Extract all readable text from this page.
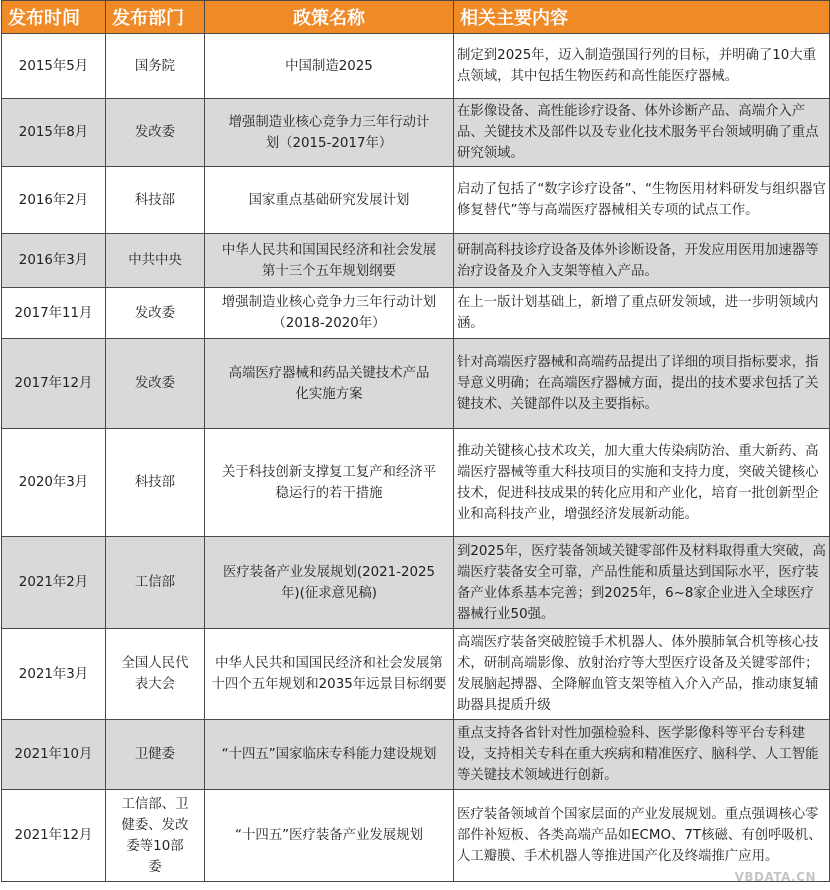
发布时间	发布部门	政策名称	相关主要内容
2015年5月	国务院	中国制造2025	制定到2025年，迈入制造强国行列的目标，并明确了10大重点领域，其中包括生物医药和高性能医疗器械。
2015年8月	发改委	增强制造业核心竞争力三年行动计划（2015-2017年）	在影像设备、高性能诊疗设备、体外诊断产品、高端介入产品、关键技术及部件以及专业化技术服务平台领域明确了重点研究领域。
2016年2月	科技部	国家重点基础研究发展计划	启动了包括了“数字诊疗设备”、“生物医用材料研发与组织器官修复替代”等与高端医疗器械相关专项的试点工作。
2016年3月	中共中央	中华人民共和国国民经济和社会发展第十三个五年规划纲要	研制高科技诊疗设备及体外诊断设备，开发应用医用加速器等治疗设备及介入支架等植入产品。
2017年11月	发改委	增强制造业核心竞争力三年行动计划（2018-2020年）	在上一版计划基础上，新增了重点研发领域，进一步明领域内涵。
2017年12月	发改委	高端医疗器械和药品关键技术产品化实施方案	针对高端医疗器械和高端药品提出了详细的项目指标要求，指导意义明确；在高端医疗器械方面，提出的技术要求包括了关键技术、关键部件以及主要指标。
2020年3月	科技部	关于科技创新支撑复工复产和经济平稳运行的若干措施	推动关键核心技术攻关，加大重大传染病防治、重大新药、高端医疗器械等重大科技项目的实施和支持力度，突破关键核心技术，促进科技成果的转化应用和产业化，培育一批创新型企业和高科技产业，增强经济发展新动能。
2021年2月	工信部	医疗装备产业发展规划(2021-2025年)(征求意见稿)	到2025年，医疗装备领域关键零部件及材料取得重大突破，高端医疗装备安全可靠，产品性能和质量达到国际水平，医疗装备产业体系基本完善；到2025年，6~8家企业进入全球医疗器械行业50强。
2021年3月	全国人民代表大会	中华人民共和国国民经济和社会发展第十四个五年规划和2035年远景目标纲要	高端医疗装备突破腔镜手术机器人、体外膜肺氧合机等核心技术，研制高端影像、放射治疗等大型医疗设备及关键零部件；发展脑起搏器、全降解血管支架等植入介入产品，推动康复辅助器具提质升级
2021年10月	卫健委	“十四五”国家临床专科能力建设规划	重点支持各省针对性加强检验科、医学影像科等平台专科建设，支持相关专科在重大疾病和精准医疗、脑科学、人工智能等关键技术领域进行创新。
2021年12月	工信部、卫健委、发改委等10部委	“十四五”医疗装备产业发展规划	医疗装备领域首个国家层面的产业发展规划。重点强调核心零部件补短板、各类高端产品如ECMO、7T核磁、有创呼吸机、人工瓣膜、手术机器人等推进国产化及终端推广应用。
VBDATA.CN
